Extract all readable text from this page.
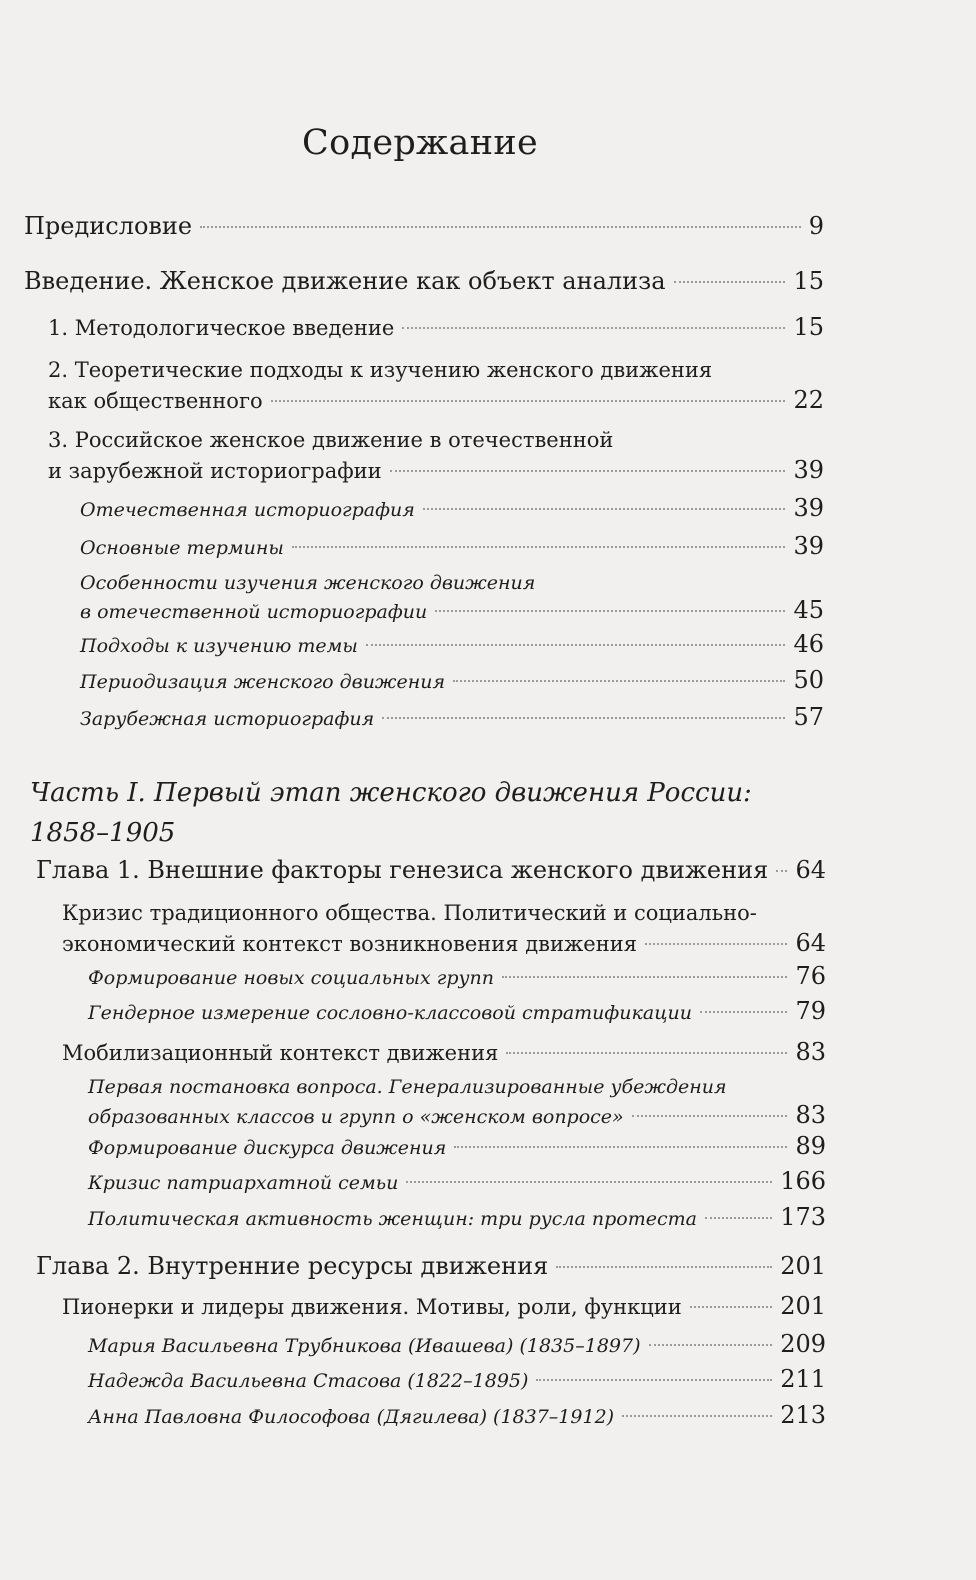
Содержание
Предисловие	9
Введение. Женское движение как объект анализа	15
1. Методологическое введение	15
2. Теоретические подходы к изучению женского движения
как общественного	22
3. Российское женское движение в отечественной
и зарубежной историографии	39
Отечественная историография	39
Основные термины	39
Особенности изучения женского движения
в отечественной историографии	45
Подходы к изучению темы	46
Периодизация женского движения	50
Зарубежная историография	57
Часть I. Первый этап женского движения России:
1858–1905
Глава 1. Внешние факторы генезиса женского движения 64
Кризис традиционного общества. Политический и социально-
экономический контекст возникновения движения	64
Формирование новых социальных групп	76
Гендерное измерение сословно-классовой стратификации	79
Мобилизационный контекст движения	83
Первая постановка вопроса. Генерализированные убеждения
образованных классов и групп о «женском вопросе»	83
Формирование дискурса движения	89
Кризис патриархатной семьи	166
Политическая активность женщин: три русла протеста	173
Глава 2. Внутренние ресурсы движения	201
Пионерки и лидеры движения. Мотивы, роли, функции	201
Мария Васильевна Трубникова (Ивашева) (1835–1897)	209
Надежда Васильевна Стасова (1822–1895)	211
Анна Павловна Философова (Дягилева) (1837–1912)	213
